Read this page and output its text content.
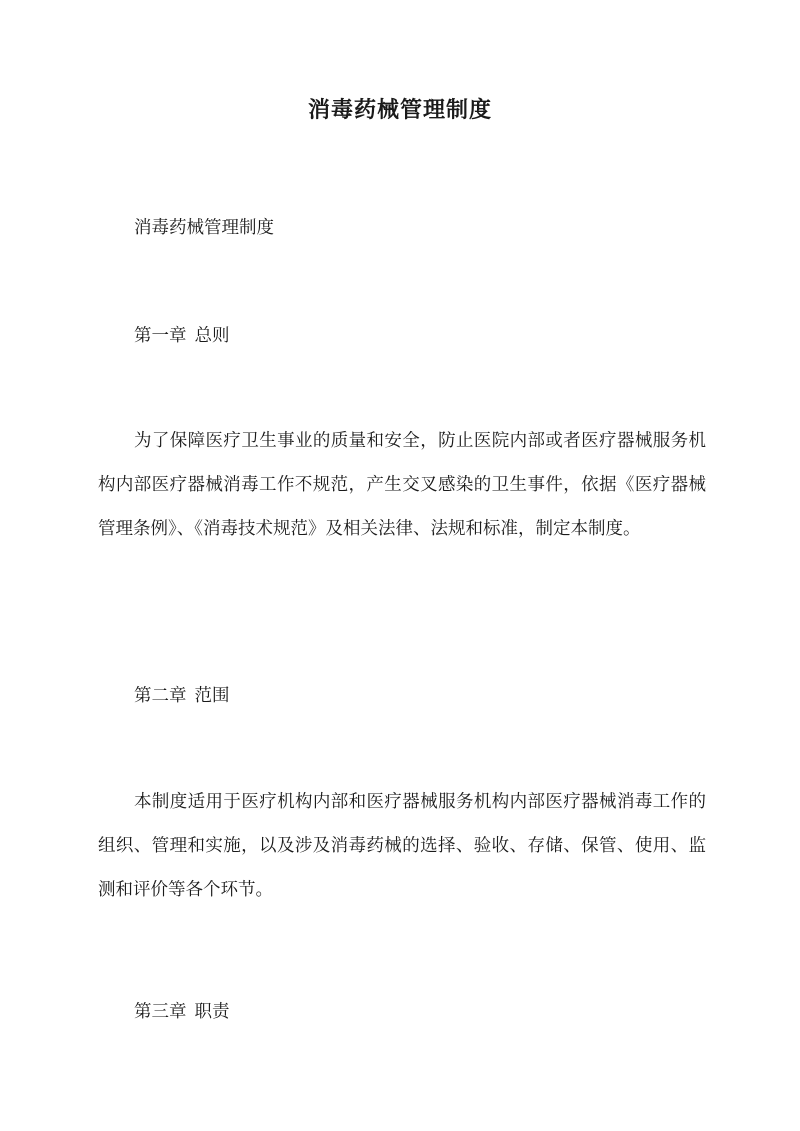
消毒药械管理制度

消毒药械管理制度

第一章 总则

为了保障医疗卫生事业的质量和安全，防止医院内部或者医疗器械服务机构内部医疗器械消毒工作不规范，产生交叉感染的卫生事件，依据《医疗器械管理条例》、《消毒技术规范》及相关法律、法规和标准，制定本制度。

第二章 范围

本制度适用于医疗机构内部和医疗器械服务机构内部医疗器械消毒工作的组织、管理和实施，以及涉及消毒药械的选择、验收、存储、保管、使用、监测和评价等各个环节。

第三章 职责
